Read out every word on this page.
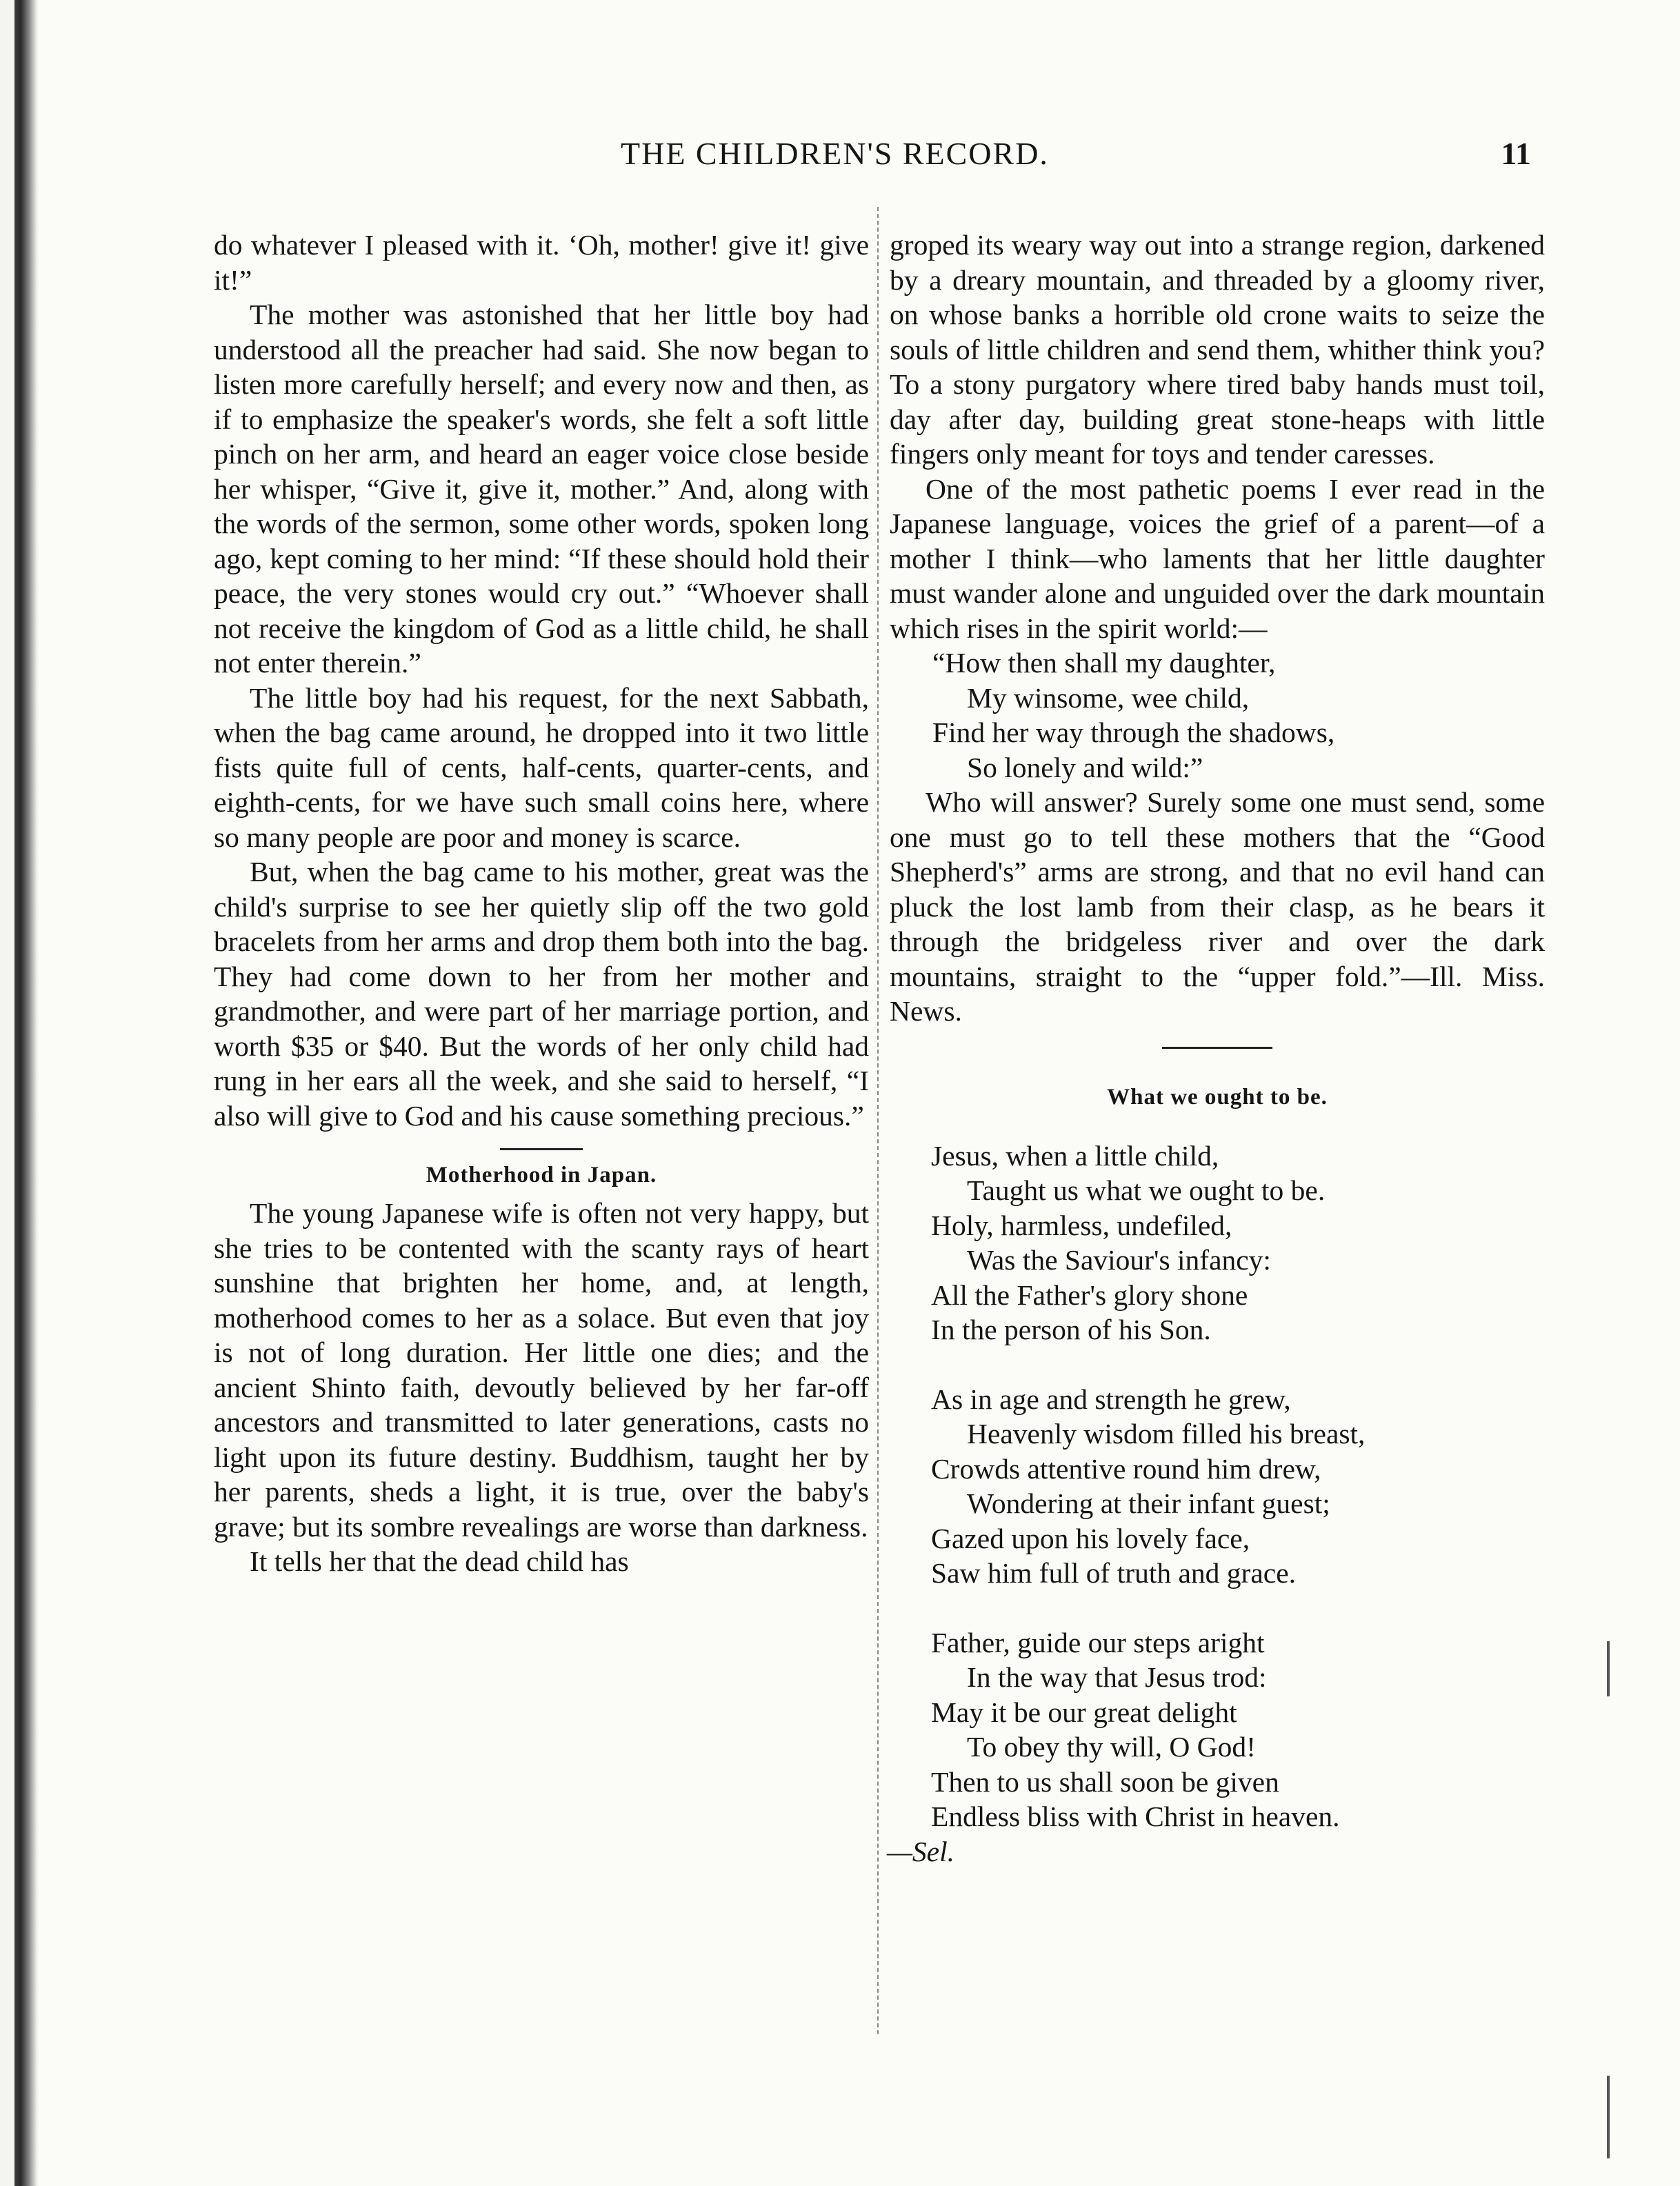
THE CHILDREN'S RECORD.	11

do whatever I pleased with it. ‘Oh, mother! give it! give it!”

The mother was astonished that her little boy had understood all the preacher had said. She now began to listen more carefully herself; and every now and then, as if to emphasize the speaker's words, she felt a soft little pinch on her arm, and heard an eager voice close beside her whisper, “Give it, give it, mother.” And, along with the words of the sermon, some other words, spoken long ago, kept coming to her mind: “If these should hold their peace, the very stones would cry out.” “Whoever shall not receive the kingdom of God as a little child, he shall not enter therein.”

The little boy had his request, for the next Sabbath, when the bag came around, he dropped into it two little fists quite full of cents, half-cents, quarter-cents, and eighth-cents, for we have such small coins here, where so many people are poor and money is scarce.

But, when the bag came to his mother, great was the child's surprise to see her quietly slip off the two gold bracelets from her arms and drop them both into the bag. They had come down to her from her mother and grandmother, and were part of her marriage portion, and worth $35 or $40. But the words of her only child had rung in her ears all the week, and she said to herself, “I also will give to God and his cause something precious.”

Motherhood in Japan.

The young Japanese wife is often not very happy, but she tries to be contented with the scanty rays of heart sunshine that brighten her home, and, at length, motherhood comes to her as a solace. But even that joy is not of long duration. Her little one dies; and the ancient Shinto faith, devoutly believed by her far-off ancestors and transmitted to later generations, casts no light upon its future destiny. Buddhism, taught her by her parents, sheds a light, it is true, over the baby's grave; but its sombre revealings are worse than darkness.

It tells her that the dead child has

groped its weary way out into a strange region, darkened by a dreary mountain, and threaded by a gloomy river, on whose banks a horrible old crone waits to seize the souls of little children and send them, whither think you? To a stony purgatory where tired baby hands must toil, day after day, building great stone-heaps with little fingers only meant for toys and tender caresses.

One of the most pathetic poems I ever read in the Japanese language, voices the grief of a parent—of a mother I think—who laments that her little daughter must wander alone and unguided over the dark mountain which rises in the spirit world:—

“How then shall my daughter,
My winsome, wee child,
Find her way through the shadows,
So lonely and wild:”

Who will answer? Surely some one must send, some one must go to tell these mothers that the “Good Shepherd's” arms are strong, and that no evil hand can pluck the lost lamb from their clasp, as he bears it through the bridgeless river and over the dark mountains, straight to the “upper fold.”—Ill. Miss. News.

What we ought to be.
Jesus, when a little child,
Taught us what we ought to be.
Holy, harmless, undefiled,
Was the Saviour's infancy:
All the Father's glory shone
In the person of his Son.
As in age and strength he grew,
Heavenly wisdom filled his breast,
Crowds attentive round him drew,
Wondering at their infant guest;
Gazed upon his lovely face,
Saw him full of truth and grace.
Father, guide our steps aright
In the way that Jesus trod:
May it be our great delight
To obey thy will, O God!
Then to us shall soon be given
Endless bliss with Christ in heaven.
—Sel.
